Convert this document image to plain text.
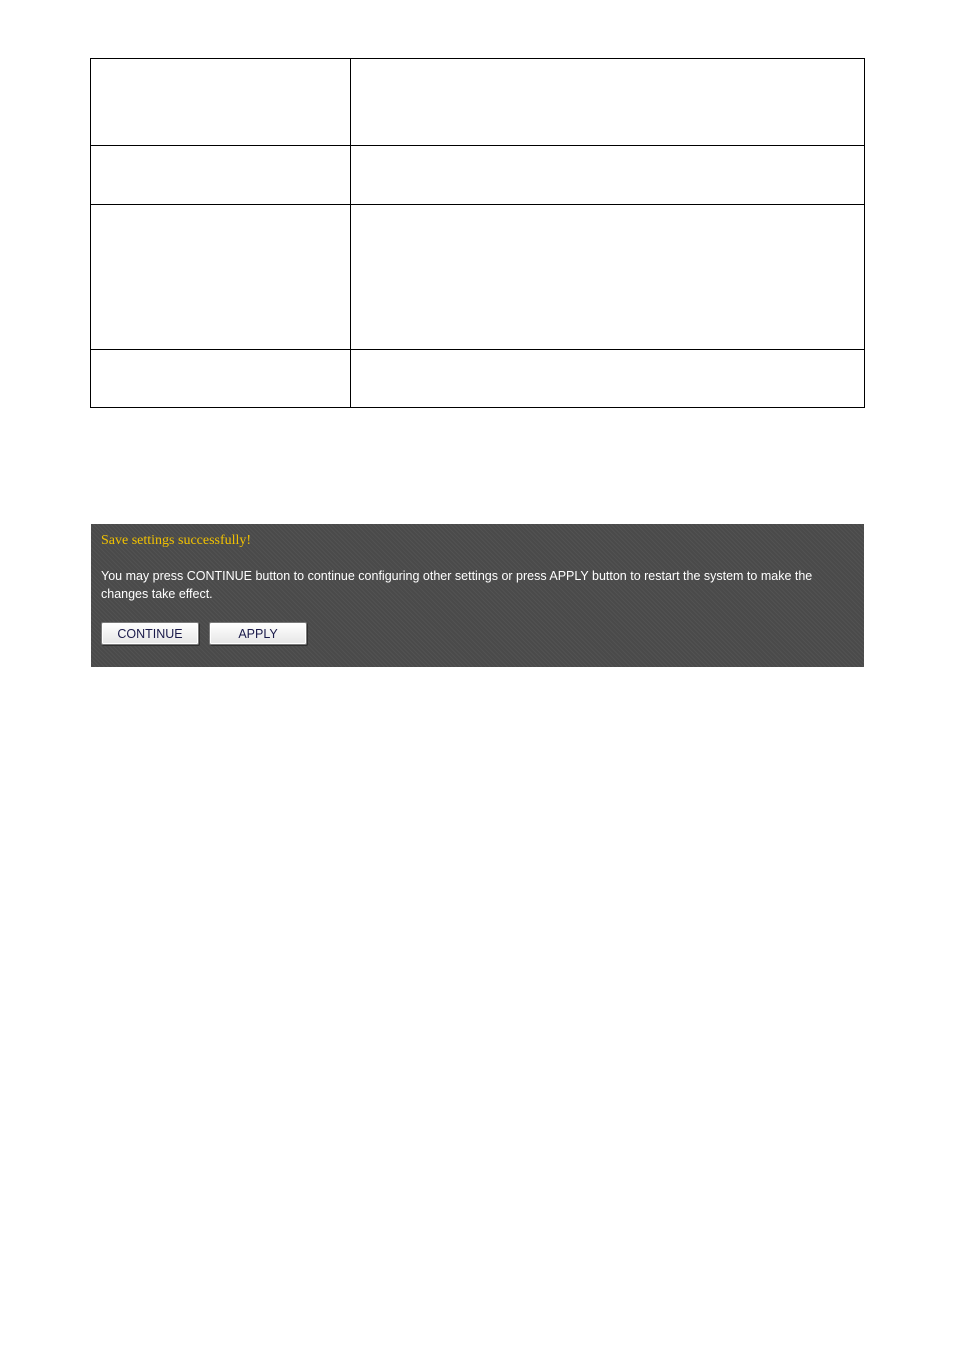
Save settings successfully!

You may press CONTINUE button to continue configuring other settings or press APPLY button to restart the system to make the changes take effect.

CONTINUE	APPLY
